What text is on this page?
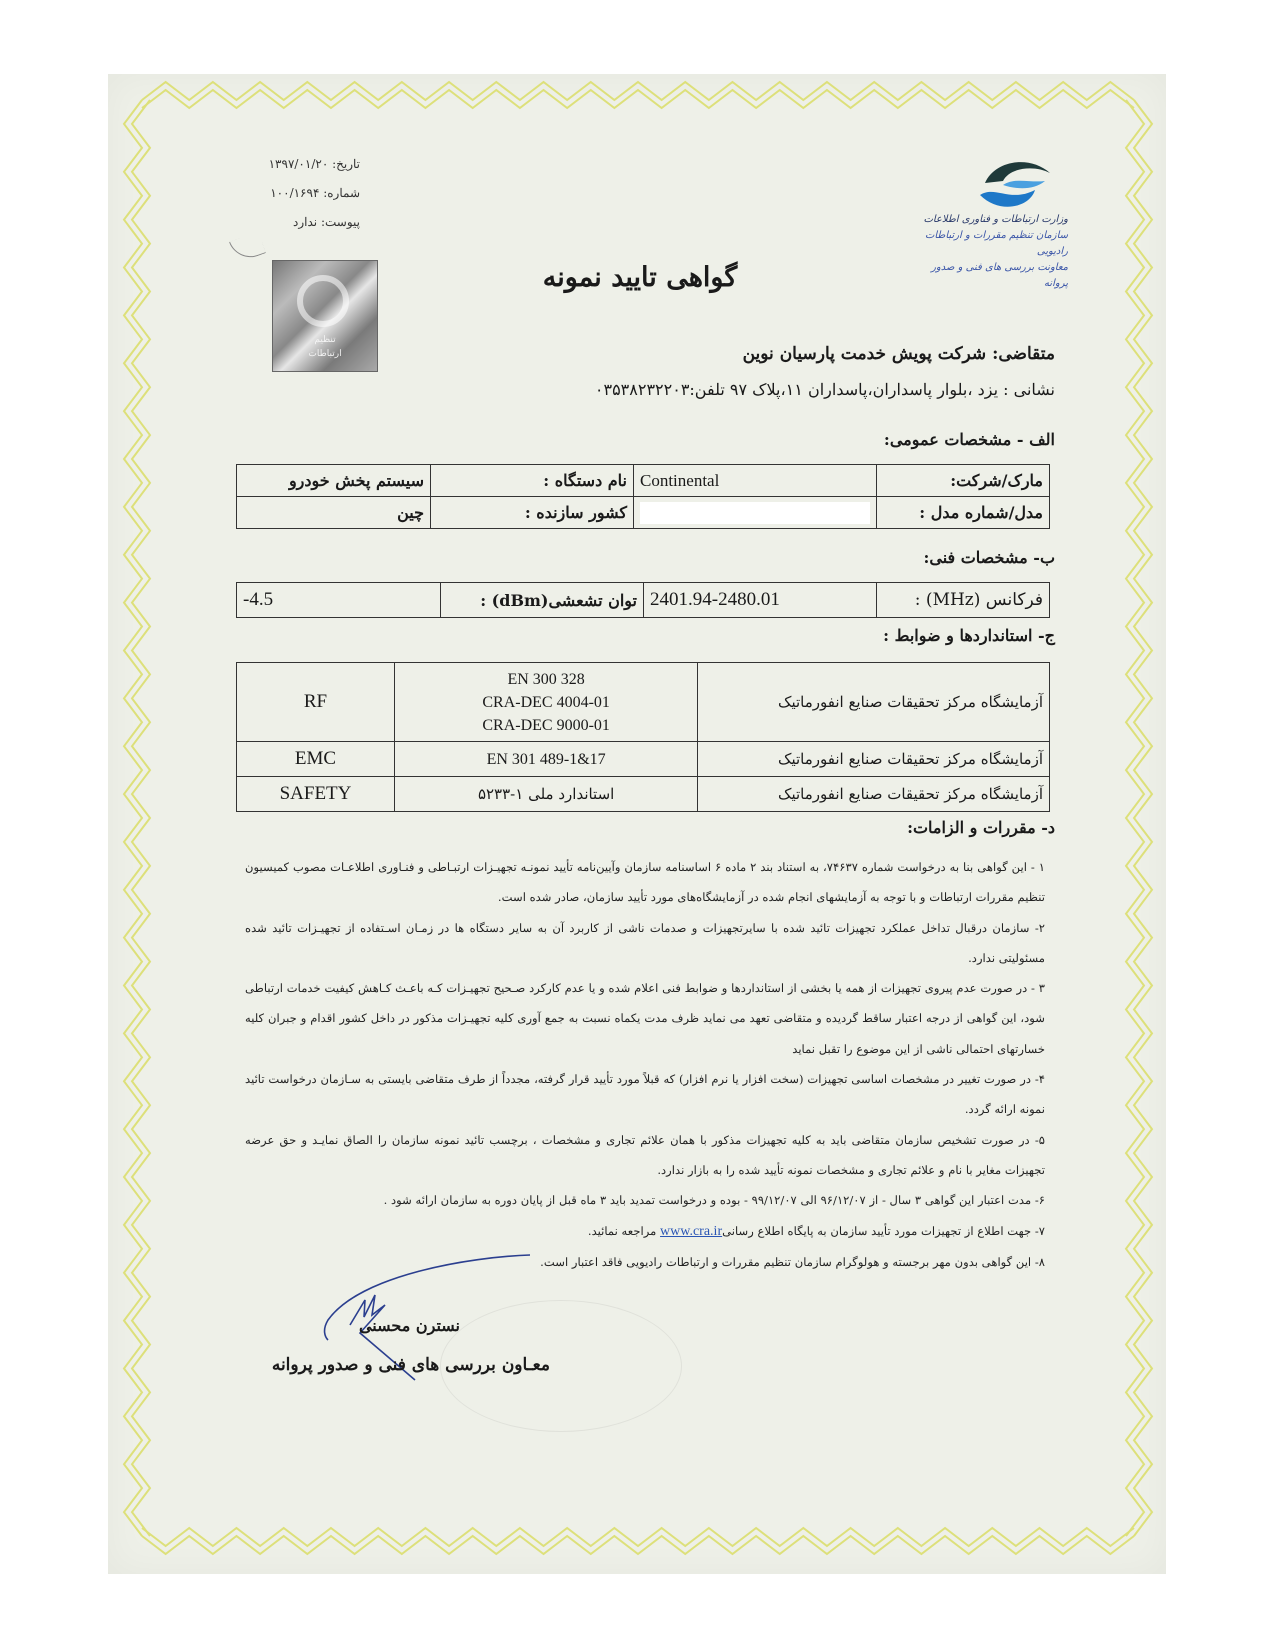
تاریخ: ۱۳۹۷/۰۱/۲۰
شماره: ۱۰۰/۱۶۹۴
پیوست: ندارد
تنظیم
ارتباطات
وزارت ارتباطات و فناوری اطلاعات
سازمان تنظیم مقررات و ارتباطات رادیویی
معاونت بررسی های فنی و صدور پروانه
گواهی تایید نمونه
متقاضی: شرکت پویش خدمت پارسیان نوین
نشانی : یزد ،بلوار پاسداران،پاسداران ۱۱،پلاک ۹۷ تلفن:۰۳۵۳۸۲۳۲۲۰۳
الف - مشخصات عمومی:
مارک/شرکت:	Continental	نام دستگاه :	سیستم پخش خودرو
مدل/شماره مدل :		کشور سازنده :	چین
ب- مشخصات فنی:
فرکانس (MHz) :	2401.94-2480.01	توان تشعشی(dBm) :	-4.5
ج- استانداردها و ضوابط :
آزمایشگاه مرکز تحقیقات صنایع انفورماتیک	EN 300 328
CRA-DEC 4004-01
CRA-DEC 9000-01	RF
آزمایشگاه مرکز تحقیقات صنایع انفورماتیک	EN 301 489-1&17	EMC
آزمایشگاه مرکز تحقیقات صنایع انفورماتیک	استاندارد ملی ۱-۵۲۳۳	SAFETY
د- مقررات و الزامات:

۱ - این گواهی بنا به درخواست شماره ۷۴۶۳۷، به استناد بند ۲ ماده ۶ اساسنامه سازمان وآیین‌نامه تأیید نمونـه تجهیـزات ارتبـاطی و فنـاوری اطلاعـات مصوب کمیسیون تنظیم مقررات ارتباطات و با توجه به آزمایشهای انجام شده در آزمایشگاه‌های مورد تأیید سازمان، صادر شده است.

۲- سازمان درقبال تداخل عملکرد تجهیزات تائید شده با سایرتجهیزات و صدمات ناشی از کاربرد آن به سایر دستگاه ها در زمـان اسـتفاده از تجهیـزات تائید شده مسئولیتی ندارد.

۳ - در صورت عدم پیروی تجهیزات از همه یا بخشی از استانداردها و ضوابط فنی اعلام شده و یا عدم کارکرد صـحیح تجهیـزات کـه باعـث کـاهش کیفیت خدمات ارتباطی شود، این گواهی از درجه اعتبار ساقط گردیده و متقاضی تعهد می نماید ظرف مدت یکماه نسبت به جمع آوری کلیه تجهیـزات مذکور در داخل کشور اقدام و جبران کلیه خسارتهای احتمالی ناشی از این موضوع را تقبل نماید

۴- در صورت تغییر در مشخصات اساسی تجهیزات (سخت افزار یا نرم افزار) که قبلاً مورد تأیید قرار گرفته، مجدداً از طرف متقاضی بایستی به سـازمان درخواست تائید نمونه ارائه گردد.

۵- در صورت تشخیص سازمان متقاضی باید به کلیه تجهیزات مذکور با همان علائم تجاری و مشخصات ، برچسب تائید نمونه سازمان را الصاق نمایـد و حق عرضه تجهیزات مغایر با نام و علائم تجاری و مشخصات نمونه تأیید شده را به بازار ندارد.

۶- مدت اعتبار این گواهی ۳ سال - از ۹۶/۱۲/۰۷ الی ۹۹/۱۲/۰۷ - بوده و درخواست تمدید باید ۳ ماه قبل از پایان دوره به سازمان ارائه شود .

۷- جهت اطلاع از تجهیزات مورد تأیید سازمان به پایگاه اطلاع رسانیwww.cra.ir مراجعه نمائید.

۸- این گواهی بدون مهر برجسته و هولوگرام سازمان تنظیم مقررات و ارتباطات رادیویی فاقد اعتبار است.

نسترن محسنی
معـاون بررسی های فنی و صدور پروانه
